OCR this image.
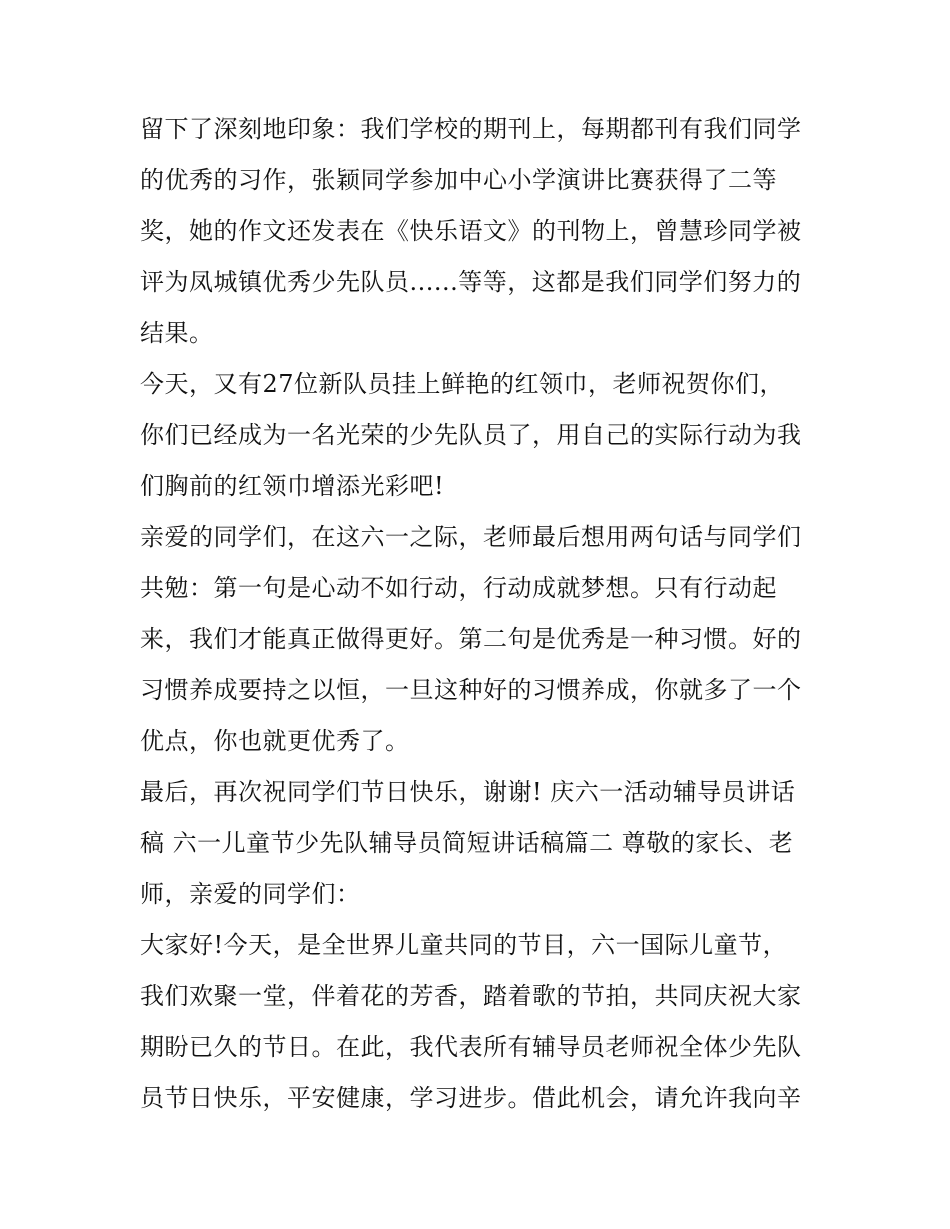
留下了深刻地印象：我们学校的期刊上，每期都刊有我们同学
的优秀的习作，张颖同学参加中心小学演讲比赛获得了二等
奖，她的作文还发表在《快乐语文》的刊物上，曾慧珍同学被
评为凤城镇优秀少先队员......等等，这都是我们同学们努力的
结果。
今天，又有27位新队员挂上鲜艳的红领巾，老师祝贺你们，
你们已经成为一名光荣的少先队员了，用自己的实际行动为我
们胸前的红领巾增添光彩吧!
亲爱的同学们，在这六一之际，老师最后想用两句话与同学们
共勉：第一句是心动不如行动，行动成就梦想。只有行动起
来，我们才能真正做得更好。第二句是优秀是一种习惯。好的
习惯养成要持之以恒，一旦这种好的习惯养成，你就多了一个
优点，你也就更优秀了。
最后，再次祝同学们节日快乐，谢谢! 庆六一活动辅导员讲话
稿 六一儿童节少先队辅导员简短讲话稿篇二 尊敬的家长、老
师，亲爱的同学们：
大家好!今天，是全世界儿童共同的节目，六一国际儿童节，
我们欢聚一堂，伴着花的芳香，踏着歌的节拍，共同庆祝大家
期盼已久的节日。在此，我代表所有辅导员老师祝全体少先队
员节日快乐，平安健康，学习进步。借此机会，请允许我向辛
